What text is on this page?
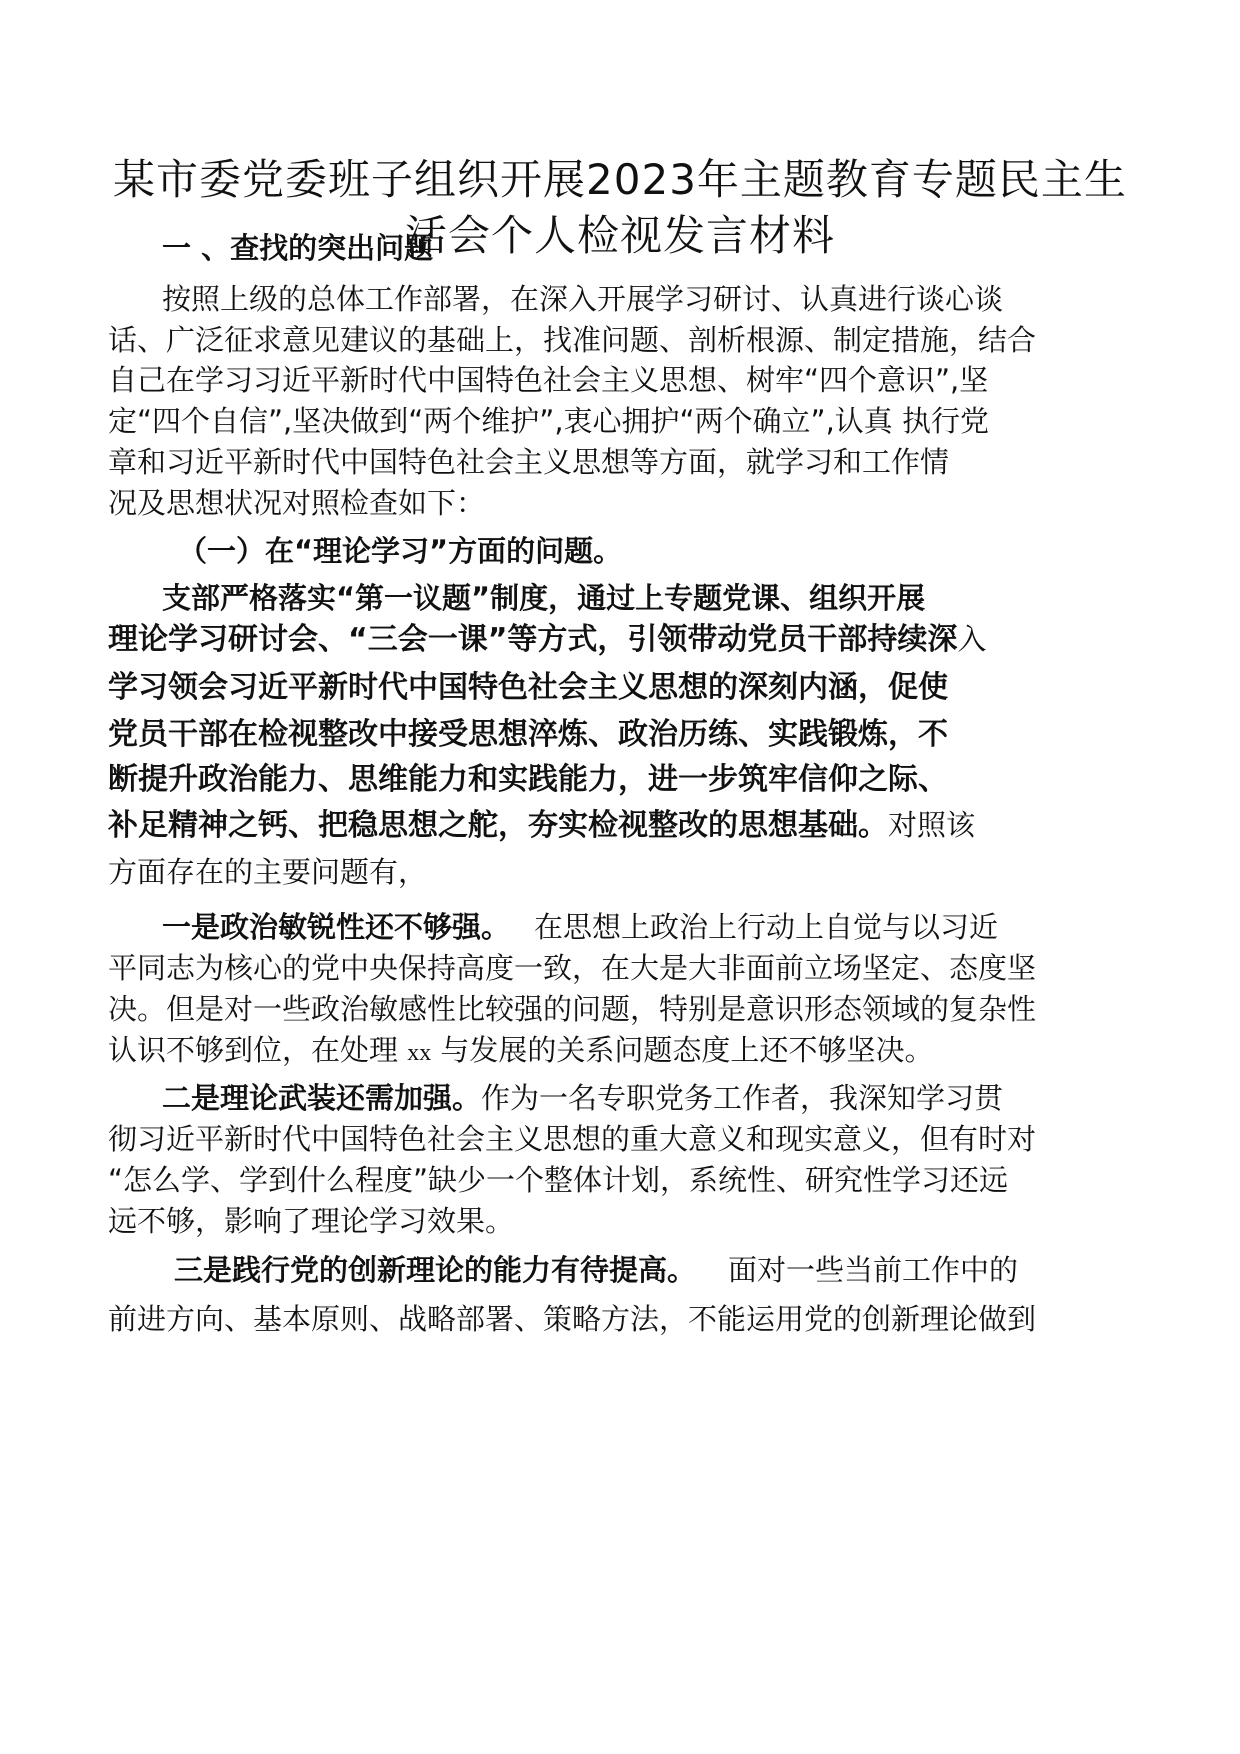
某市委党委班子组织开展2023年主题教育专题民主生
活会个人检视发言材料
一 、查找的突出问题
按照上级的总体工作部署，在深入开展学习研讨、认真进行谈心谈
话、广泛征求意见建议的基础上，找准问题、剖析根源、制定措施，结合
自己在学习习近平新时代中国特色社会主义思想、树牢“四个意识”,坚
定“四个自信”,坚决做到“两个维护”,衷心拥护“两个确立”,认真 执行党
章和习近平新时代中国特色社会主义思想等方面，就学习和工作情
况及思想状况对照检查如下：
（一）在“理论学习”方面的问题。
支部严格落实“第一议题”制度，通过上专题党课、组织开展
理论学习研讨会、“三会一课”等方式，引领带动党员干部持续深入
学习领会习近平新时代中国特色社会主义思想的深刻内涵，促使
党员干部在检视整改中接受思想淬炼、政治历练、实践锻炼，不
断提升政治能力、思维能力和实践能力，进一步筑牢信仰之际、
补足精神之钙、把稳思想之舵，夯实检视整改的思想基础。对照该
方面存在的主要问题有，
一是政治敏锐性还不够强。 在思想上政治上行动上自觉与以习近
平同志为核心的党中央保持高度一致，在大是大非面前立场坚定、态度坚
决。但是对一些政治敏感性比较强的问题，特别是意识形态领域的复杂性
认识不够到位，在处理 xx 与发展的关系问题态度上还不够坚决。
二是理论武装还需加强。作为一名专职党务工作者，我深知学习贯
彻习近平新时代中国特色社会主义思想的重大意义和现实意义，但有时对
“怎么学、学到什么程度”缺少一个整体计划，系统性、研究性学习还远
远不够，影响了理论学习效果。
三是践行党的创新理论的能力有待提高。 面对一些当前工作中的
前进方向、基本原则、战略部署、策略方法，不能运用党的创新理论做到
